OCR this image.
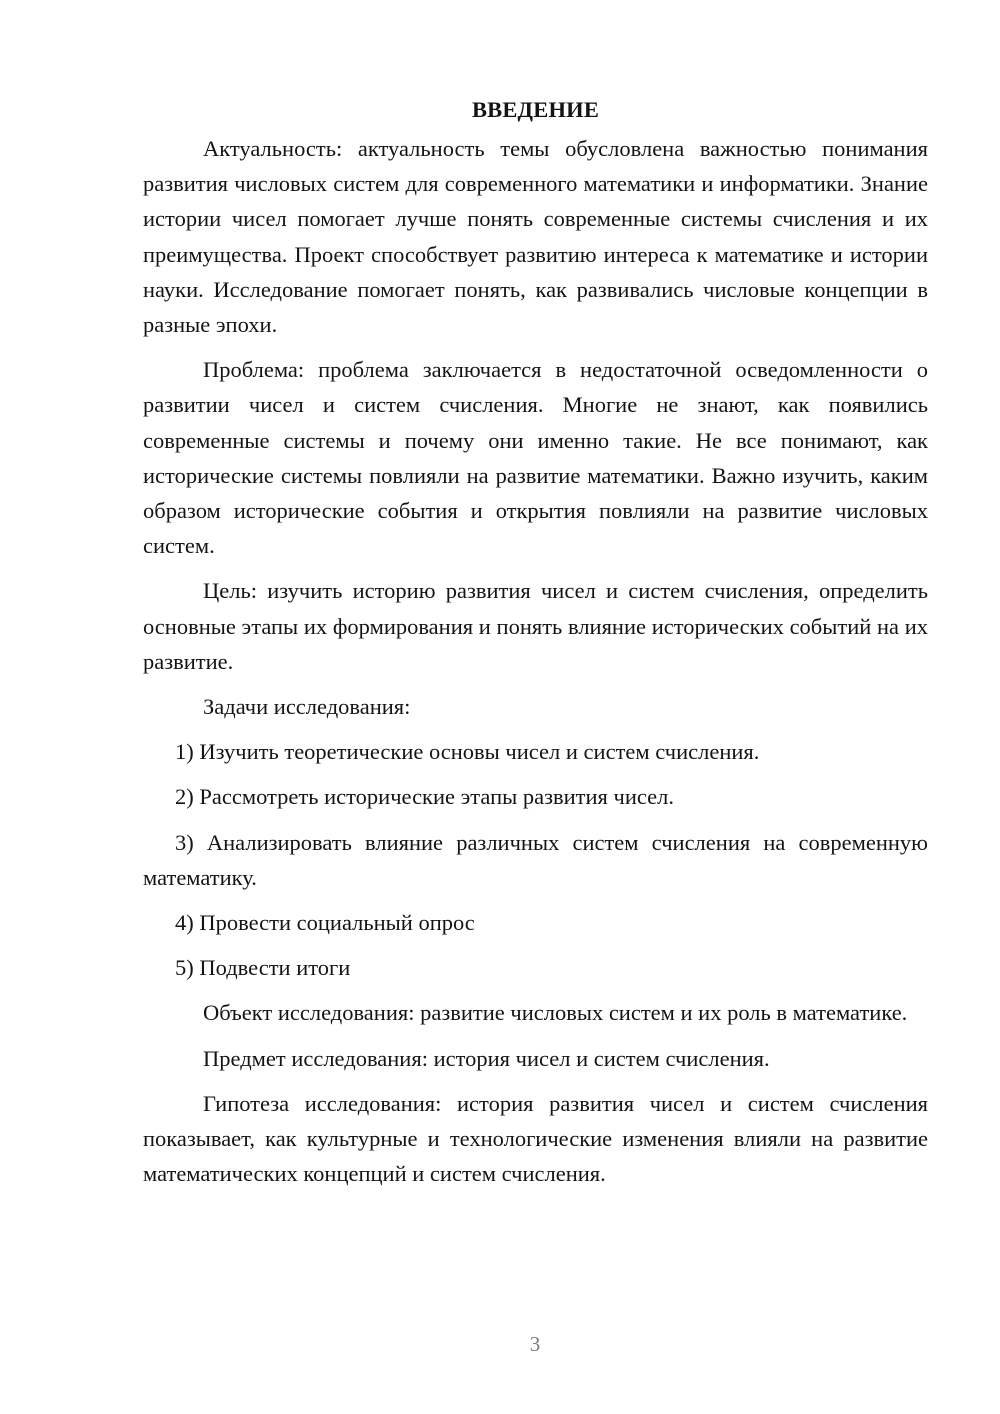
ВВЕДЕНИЕ

Актуальность: актуальность темы обусловлена важностью понимания развития числовых систем для современного математики и информатики. Знание истории чисел помогает лучше понять современные системы счисления и их преимущества. Проект способствует развитию интереса к математике и истории науки. Исследование помогает понять, как развивались числовые концепции в разные эпохи.

Проблема: проблема заключается в недостаточной осведомленности о развитии чисел и систем счисления. Многие не знают, как появились современные системы и почему они именно такие. Не все понимают, как исторические системы повлияли на развитие математики. Важно изучить, каким образом исторические события и открытия повлияли на развитие числовых систем.

Цель: изучить историю развития чисел и систем счисления, определить основные этапы их формирования и понять влияние исторических событий на их развитие.

Задачи исследования:

1) Изучить теоретические основы чисел и систем счисления.

2) Рассмотреть исторические этапы развития чисел.

3) Анализировать влияние различных систем счисления на современную математику.

4) Провести социальный опрос

5) Подвести итоги

Объект исследования: развитие числовых систем и их роль в математике.

Предмет исследования: история чисел и систем счисления.

Гипотеза исследования: история развития чисел и систем счисления показывает, как культурные и технологические изменения влияли на развитие математических концепций и систем счисления.

3
